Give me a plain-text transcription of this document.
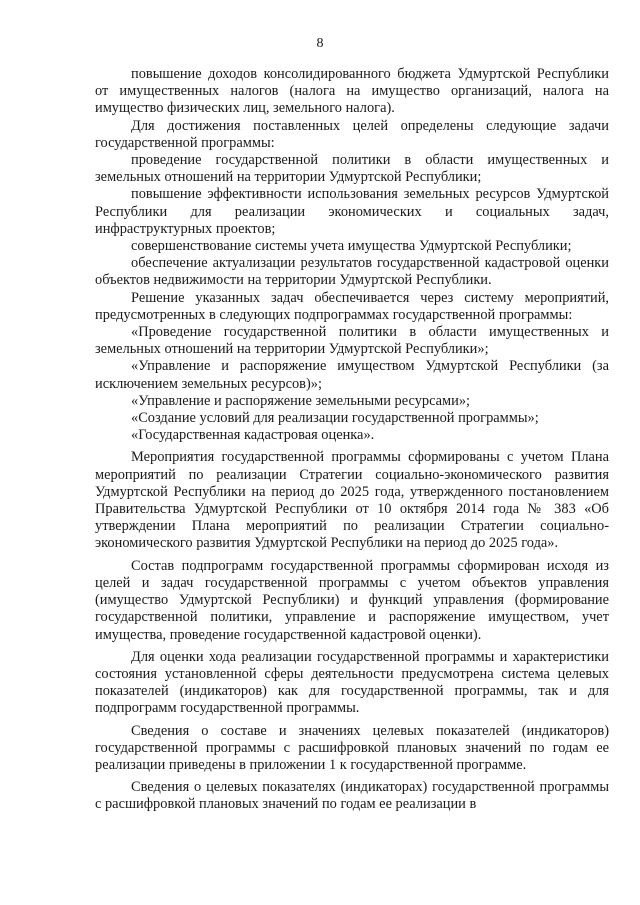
8

повышение доходов консолидированного бюджета Удмуртской Республики от имущественных налогов (налога на имущество организаций, налога на имущество физических лиц, земельного налога).

Для достижения поставленных целей определены следующие задачи государственной программы:

проведение государственной политики в области имущественных и земельных отношений на территории Удмуртской Республики;

повышение эффективности использования земельных ресурсов Удмуртской Республики для реализации экономических и социальных задач, инфраструктурных проектов;

совершенствование системы учета имущества Удмуртской Республики;

обеспечение актуализации результатов государственной кадастровой оценки объектов недвижимости на территории Удмуртской Республики.

Решение указанных задач обеспечивается через систему мероприятий, предусмотренных в следующих подпрограммах государственной программы:

«Проведение государственной политики в области имущественных и земельных отношений на территории Удмуртской Республики»;

«Управление и распоряжение имуществом Удмуртской Республики (за исключением земельных ресурсов)»;

«Управление и распоряжение земельными ресурсами»;

«Создание условий для реализации государственной программы»;

«Государственная кадастровая оценка».

Мероприятия государственной программы сформированы с учетом Плана мероприятий по реализации Стратегии социально-экономического развития Удмуртской Республики на период до 2025 года, утвержденного постановлением Правительства Удмуртской Республики от 10 октября 2014 года № 383 «Об утверждении Плана мероприятий по реализации Стратегии социально-экономического развития Удмуртской Республики на период до 2025 года».

Состав подпрограмм государственной программы сформирован исходя из целей и задач государственной программы с учетом объектов управления (имущество Удмуртской Республики) и функций управления (формирование государственной политики, управление и распоряжение имуществом, учет имущества, проведение государственной кадастровой оценки).

Для оценки хода реализации государственной программы и характеристики состояния установленной сферы деятельности предусмотрена система целевых показателей (индикаторов) как для государственной программы, так и для подпрограмм государственной программы.

Сведения о составе и значениях целевых показателей (индикаторов) государственной программы с расшифровкой плановых значений по годам ее реализации приведены в приложении 1 к государственной программе.

Сведения о целевых показателях (индикаторах) государственной программы с расшифровкой плановых значений по годам ее реализации в
